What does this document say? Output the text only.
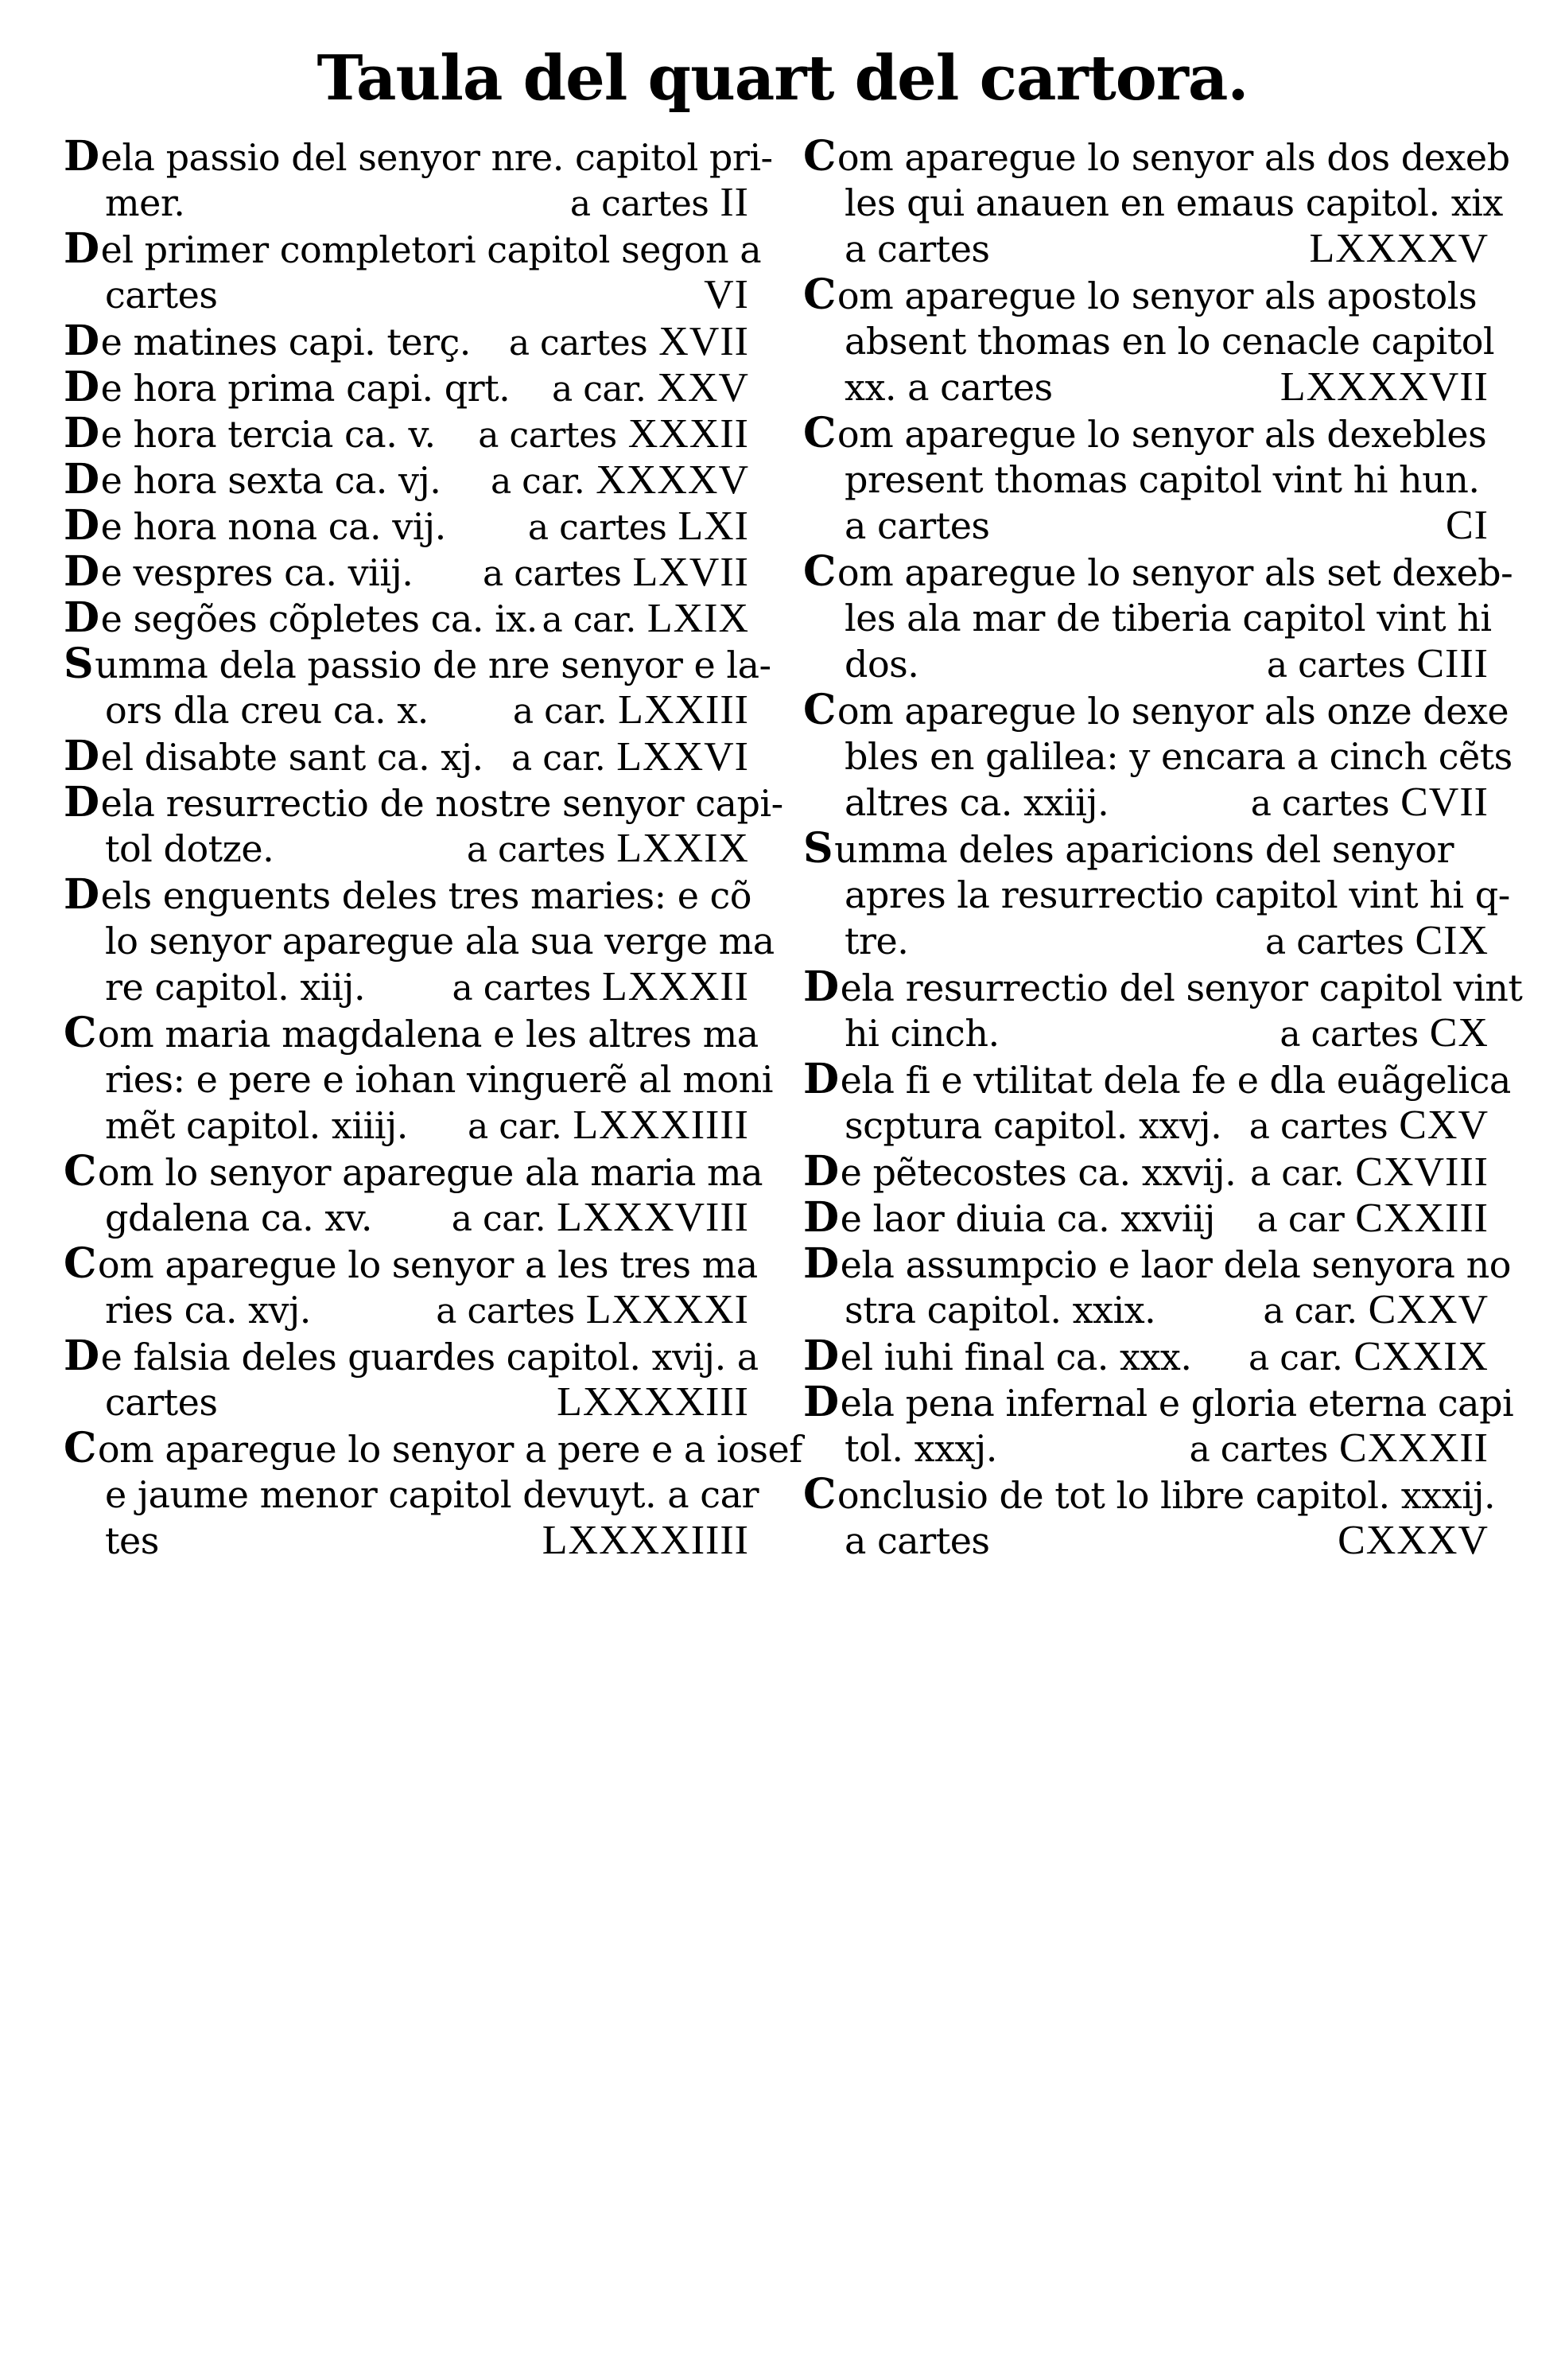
Taula del quart del cartora.
Dela passio del senyor nre. capitol pri-
mer.	a cartes II
Del primer completori capitol segon a
cartes	VI
De matines capi. terç. a cartes XVII
De hora prima capi. qrt. a car. XXV
De hora tercia ca. v. a cartes XXXII
De hora sexta ca. vj. a car. XXXXV
De hora nona ca. vij. a cartes LXI
De vespres ca. viij. a cartes LXVII
De segões cõpletes ca. ix. a car. LXIX
Summa dela passio de nre senyor e la-
ors dla creu ca. x. a car. LXXIII
Del disabte sant ca. xj. a car. LXXVI
Dela resurrectio de nostre senyor capi-
tol dotze.	a cartes LXXIX
Dels enguents deles tres maries: e cõ
lo senyor aparegue ala sua verge ma
re capitol. xiij. a cartes LXXXII
Com maria magdalena e les altres ma
ries: e pere e iohan vinguerẽ al moni
mẽt capitol. xiiij. a car. LXXXIIII
Com lo senyor aparegue ala maria ma
gdalena ca. xv. a car. LXXXVIII
Com aparegue lo senyor a les tres ma
ries ca. xvj.	a cartes LXXXXI
De falsia deles guardes capitol. xvij. a
cartes	LXXXXIII
Com aparegue lo senyor a pere e a iosef
e jaume menor capitol devuyt. a car
tes	LXXXXIIII
Com aparegue lo senyor als dos dexeb
les qui anauen en emaus capitol. xix
a cartes	LXXXXV
Com aparegue lo senyor als apostols
absent thomas en lo cenacle capitol
xx. a cartes	LXXXXVII
Com aparegue lo senyor als dexebles
present thomas capitol vint hi hun.
a cartes	CI
Com aparegue lo senyor als set dexeb-
les ala mar de tiberia capitol vint hi
dos.	a cartes CIII
Com aparegue lo senyor als onze dexe
bles en galilea: y encara a cinch cẽts
altres ca. xxiij.	a cartes CVII
Summa deles aparicions del senyor
apres la resurrectio capitol vint hi q-
tre.	a cartes CIX
Dela resurrectio del senyor capitol vint
hi cinch.	a cartes CX
Dela fi e vtilitat dela fe e dla euãgelica
scptura capitol. xxvj. a cartes CXV
De pẽtecostes ca. xxvij. a car. CXVIII
De laor diuia ca. xxviij a car CXXIII
Dela assumpcio e laor dela senyora no
stra capitol. xxix.	a car. CXXV
Del iuhi final ca. xxx. a car. CXXIX
Dela pena infernal e gloria eterna capi
tol. xxxj.	a cartes CXXXII
Conclusio de tot lo libre capitol. xxxij.
a cartes	CXXXV
